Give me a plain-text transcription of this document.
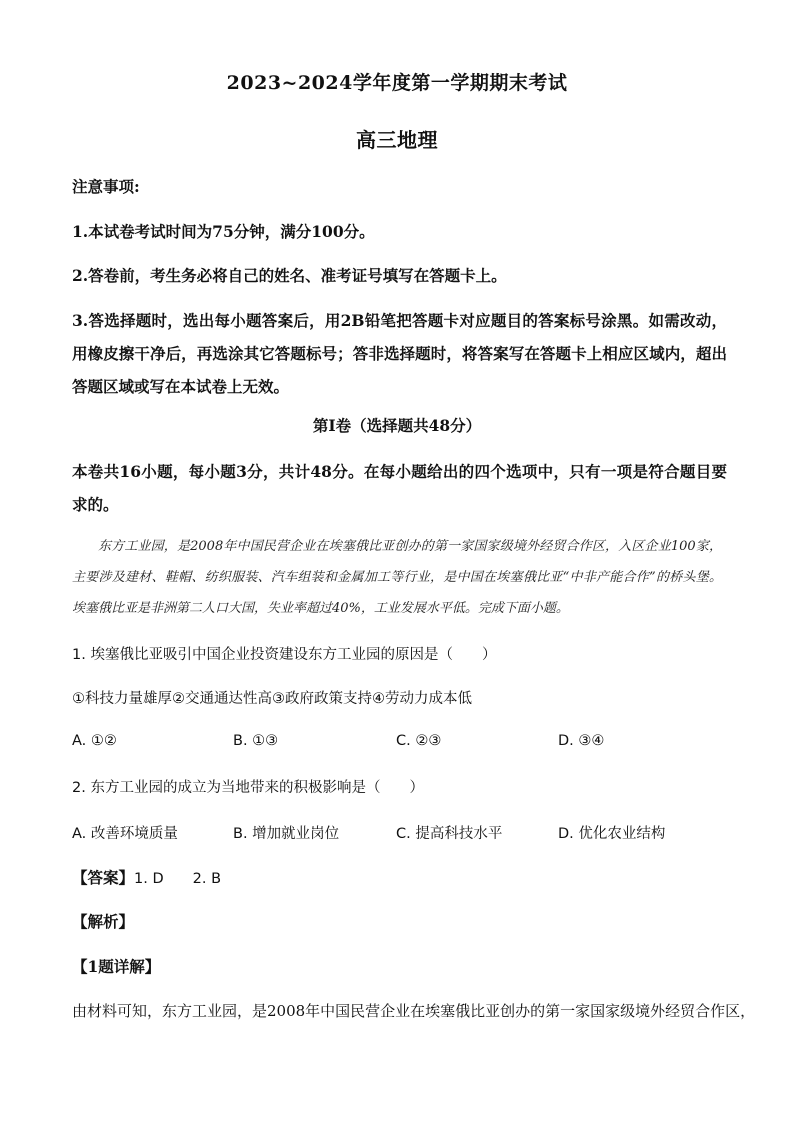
2023~2024学年度第一学期期末考试
高三地理
注意事项:
1.本试卷考试时间为75分钟，满分100分。
2.答卷前，考生务必将自己的姓名、准考证号填写在答题卡上。
3.答选择题时，选出每小题答案后，用2B铅笔把答题卡对应题目的答案标号涂黑。如需改动，用橡皮擦干净后，再选涂其它答题标号；答非选择题时，将答案写在答题卡上相应区域内，超出答题区域或写在本试卷上无效。
第Ⅰ卷（选择题共48分）
本卷共16小题，每小题3分，共计48分。在每小题给出的四个选项中，只有一项是符合题目要求的。
东方工业园，是2008年中国民营企业在埃塞俄比亚创办的第一家国家级境外经贸合作区，入区企业100家，主要涉及建材、鞋帽、纺织服装、汽车组装和金属加工等行业，是中国在埃塞俄比亚“中非产能合作”的桥头堡。埃塞俄比亚是非洲第二人口大国，失业率超过40%，工业发展水平低。完成下面小题。
1. 埃塞俄比亚吸引中国企业投资建设东方工业园的原因是（　　）
①科技力量雄厚②交通通达性高③政府政策支持④劳动力成本低
A. ①②	B. ①③	C. ②③	D. ③④
2. 东方工业园的成立为当地带来的积极影响是（　　）
A. 改善环境质量	B. 增加就业岗位	C. 提高科技水平	D. 优化农业结构
【答案】1. D　　2. B
【解析】
【1题详解】
由材料可知，东方工业园，是2008年中国民营企业在埃塞俄比亚创办的第一家国家级境外经贸合作区，
